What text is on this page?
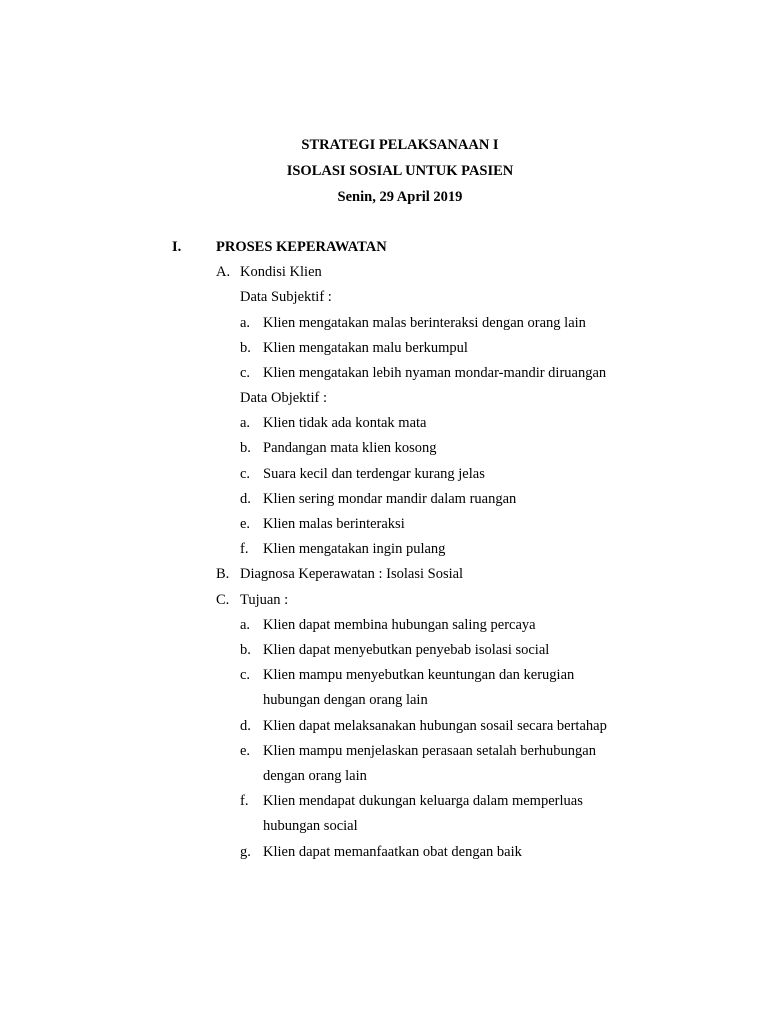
STRATEGI PELAKSANAAN I

ISOLASI SOSIAL UNTUK PASIEN

Senin, 29 April 2019

I. PROSES KEPERAWATAN
A. Kondisi Klien
Data Subjektif :
a. Klien mengatakan malas berinteraksi dengan orang lain
b. Klien mengatakan malu berkumpul
c. Klien mengatakan lebih nyaman mondar-mandir diruangan
Data Objektif :
a. Klien tidak ada kontak mata
b. Pandangan mata klien kosong
c. Suara kecil dan terdengar kurang jelas
d. Klien sering mondar mandir dalam ruangan
e. Klien malas berinteraksi
f. Klien mengatakan ingin pulang
B. Diagnosa Keperawatan : Isolasi Sosial
C. Tujuan :
a. Klien dapat membina hubungan saling percaya
b. Klien dapat menyebutkan penyebab isolasi social
c. Klien mampu menyebutkan keuntungan dan kerugian
hubungan dengan orang lain
d. Klien dapat melaksanakan hubungan sosail secara bertahap
e. Klien mampu menjelaskan perasaan setalah berhubungan
dengan orang lain
f. Klien mendapat dukungan keluarga dalam memperluas
hubungan social
g. Klien dapat memanfaatkan obat dengan baik
